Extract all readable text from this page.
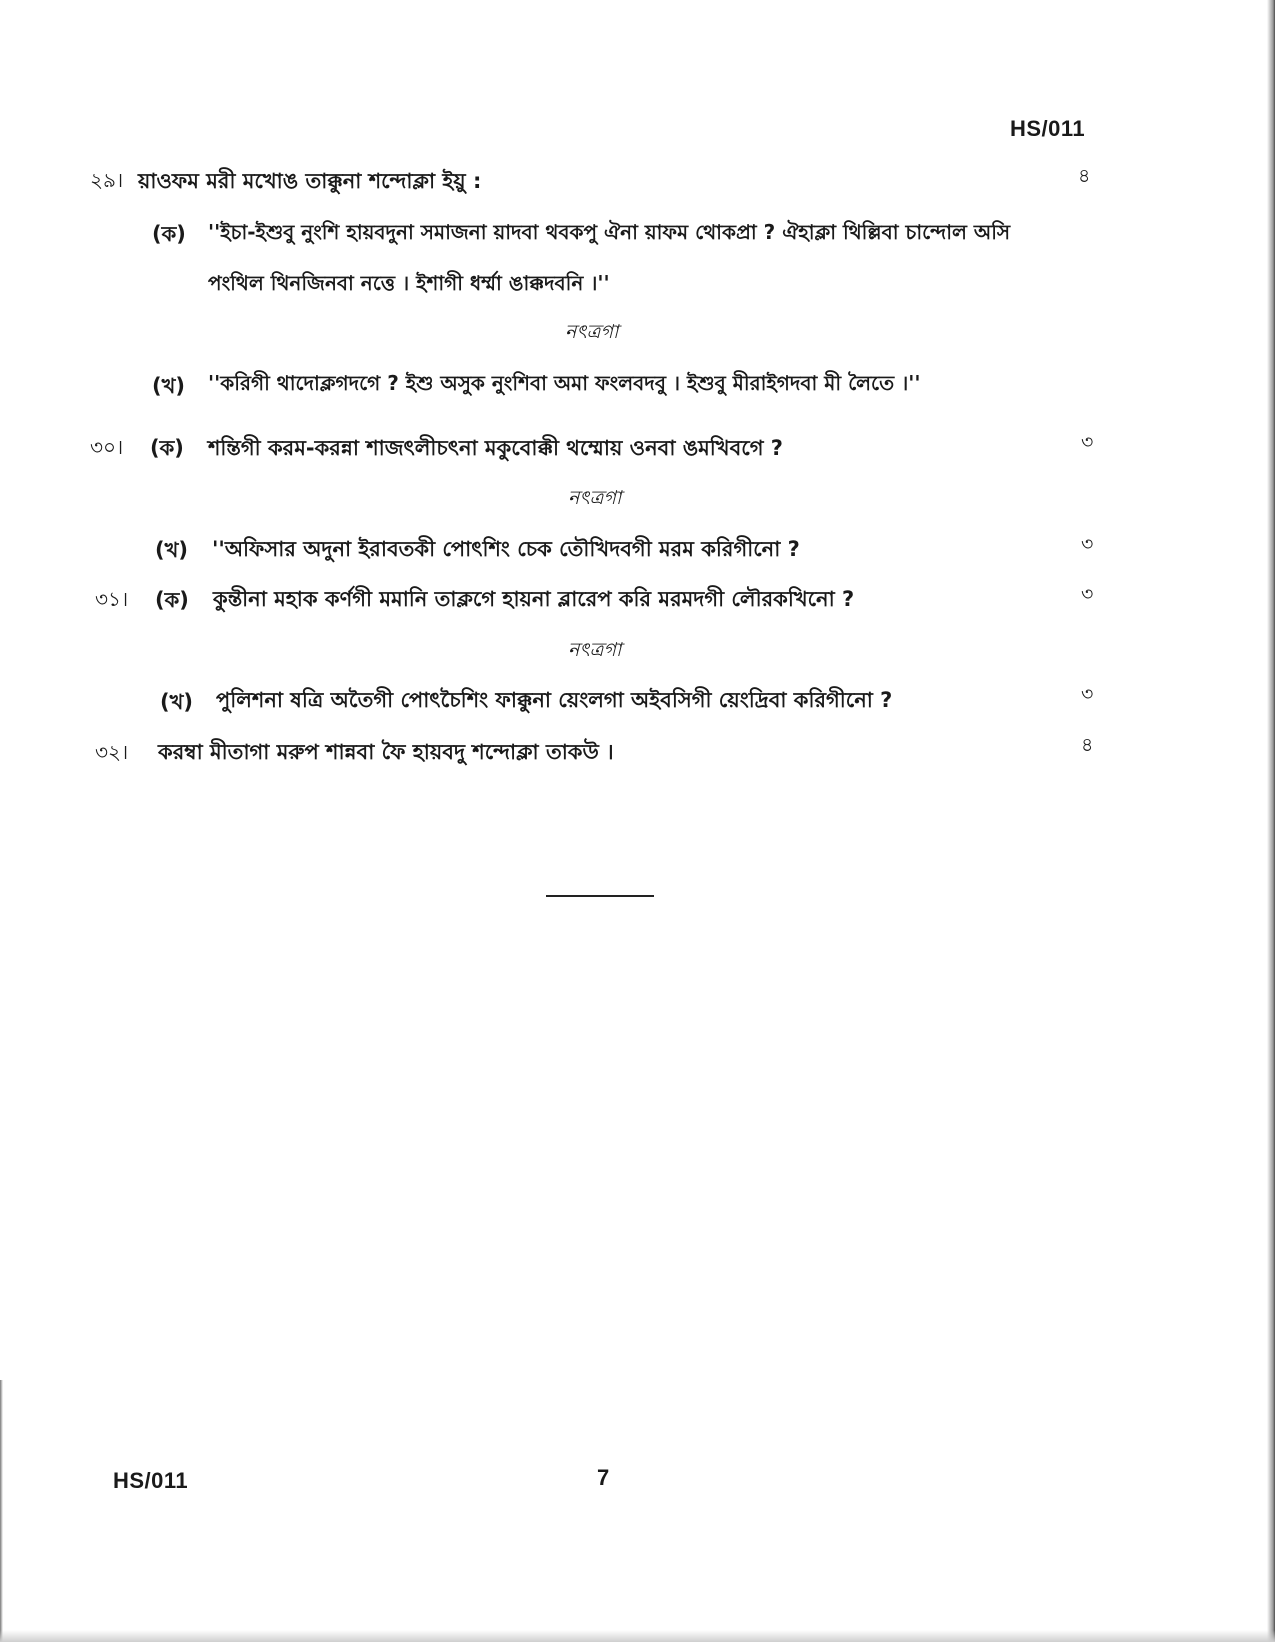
HS/011
২৯। য়াওফম মরী মখোঙ তাক্কুনা শন্দোক্লা ইয়ু :	৪
(ক) ''ইচা-ইশুবু নুংশি হায়বদুনা সমাজনা য়াদবা থবকপু ঐনা য়াফম থোকপ্রা ? ঐহাক্লা থিল্লিবা চান্দোল অসি
পংথিল থিনজিনবা নত্তে । ইশাগী ধর্ম্মা ঙাক্কদবনি ।''
নৎত্রগা
(খ) ''করিগী থাদোক্লগদগে ? ইশু অসুক নুংশিবা অমা ফংলবদবু । ইশুবু মীরাইগদবা মী লৈতে ।''
৩০। (ক) শন্তিগী করম-করন্না শাজৎলীচৎনা মকুবোক্কী থম্মোয় ওনবা ঙমখিবগে ?	৩
নৎত্রগা
(খ) ''অফিসার অদুনা ইরাবতকী পোৎশিং চেক তৌখিদবগী মরম করিগীনো ?	৩
৩১। (ক) কুন্তীনা মহাক কর্ণগী মমানি তাক্লগে হায়না ব্লারেপ করি মরমদগী লৌরকখিনো ?	৩
নৎত্রগা
(খ) পুলিশনা ষত্রি অতৈগী পোৎচৈশিং ফাক্কুনা য়েংলগা অইবসিগী য়েংদ্রিবা করিগীনো ?	৩
৩২। করম্বা মীতাগা মরুপ শান্নবা ফৈ হায়বদু শন্দোক্লা তাকউ ।	৪
HS/011	7
